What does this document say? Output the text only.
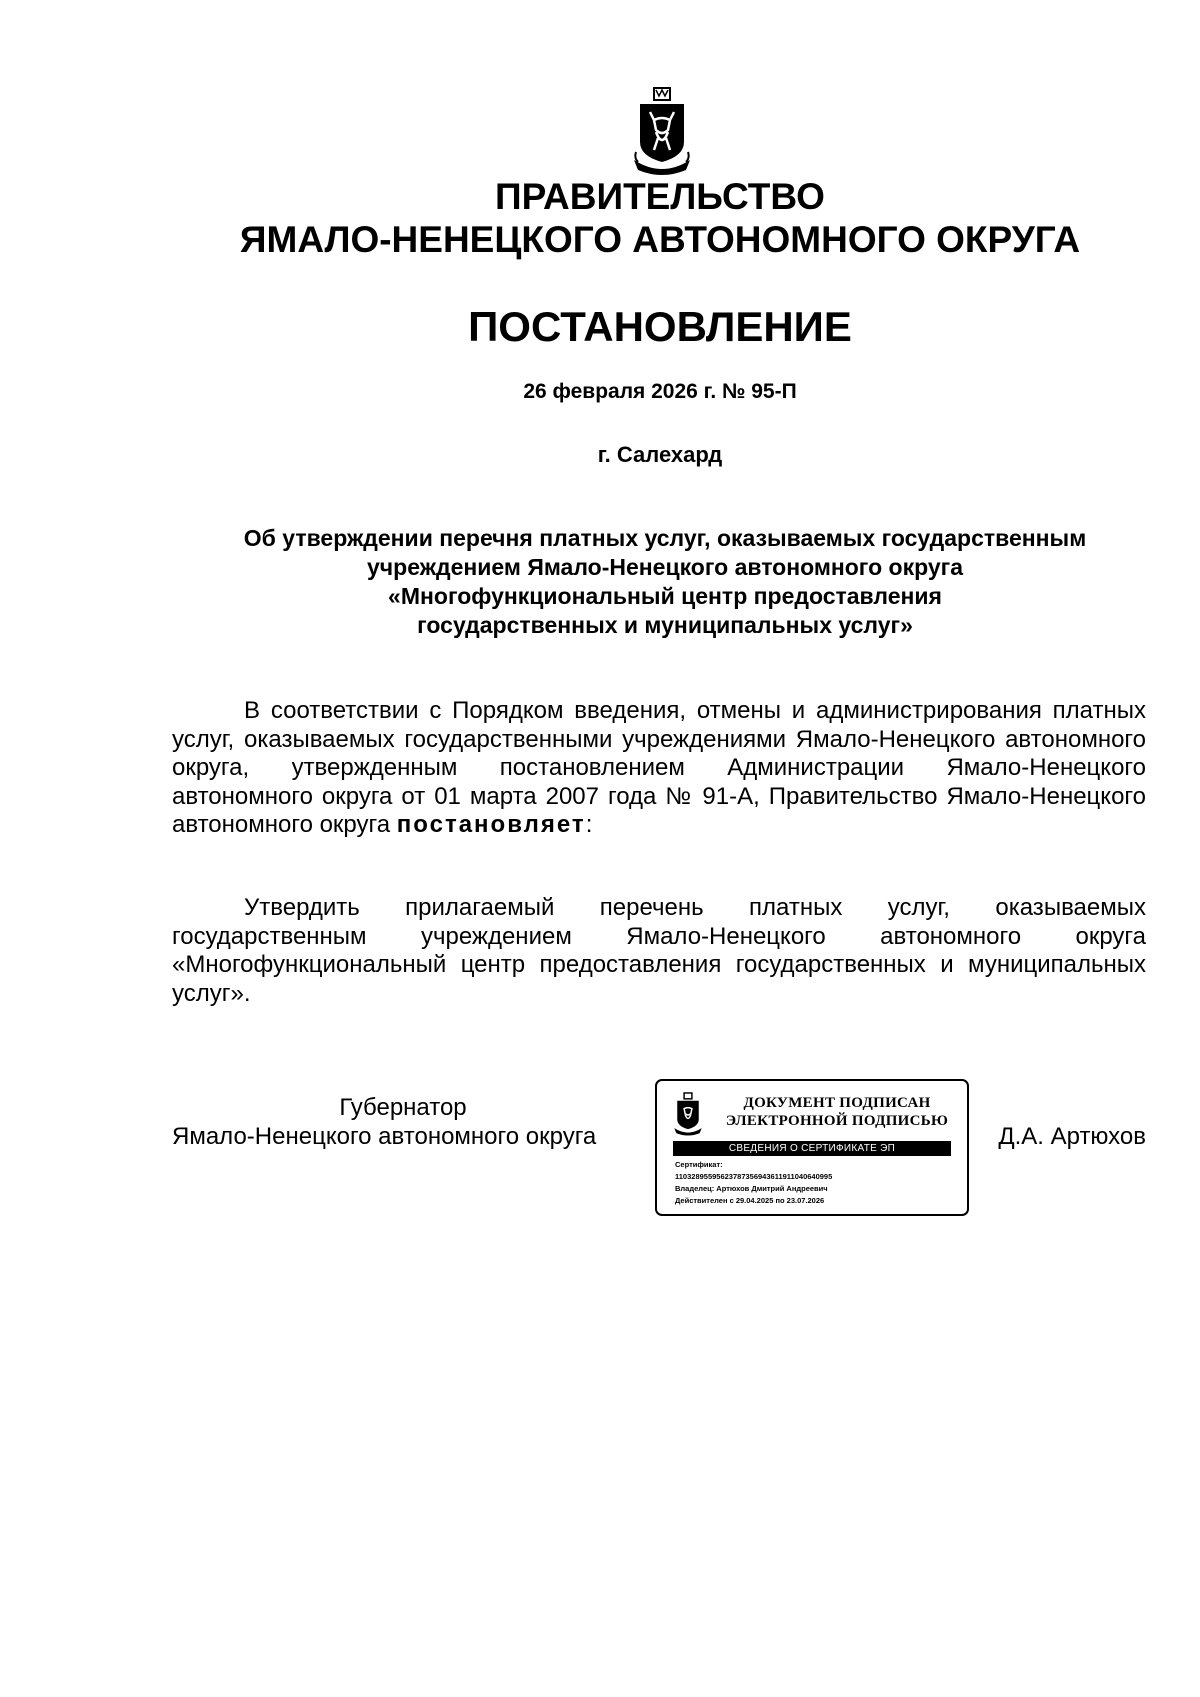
ПРАВИТЕЛЬСТВО
ЯМАЛО-НЕНЕЦКОГО АВТОНОМНОГО ОКРУГА
ПОСТАНОВЛЕНИЕ
26 февраля 2026 г. № 95-П
г. Салехард
Об утверждении перечня платных услуг, оказываемых государственным
учреждением Ямало-Ненецкого автономного округа
«Многофункциональный центр предоставления
государственных и муниципальных услуг»

В соответствии с Порядком введения, отмены и администрирования платных услуг, оказываемых государственными учреждениями Ямало-Ненецкого автономного округа, утвержденным постановлением Администрации Ямало-Ненецкого автономного округа от 01 марта 2007 года № 91-А, Правительство Ямало-Ненецкого автономного округа постановляет:

Утвердить прилагаемый перечень платных услуг, оказываемых государственным учреждением Ямало-Ненецкого автономного округа «Многофункциональный центр предоставления государственных и муниципальных услуг».

Губернатор
Ямало-Ненецкого автономного округа	Д.А. Артюхов
ДОКУМЕНТ ПОДПИСАН
ЭЛЕКТРОННОЙ ПОДПИСЬЮ
СВЕДЕНИЯ О СЕРТИФИКАТЕ ЭП
Сертификат:
11032895595623787356943611911040640995
Владелец: Артюхов Дмитрий Андреевич
Действителен с 29.04.2025 по 23.07.2026
